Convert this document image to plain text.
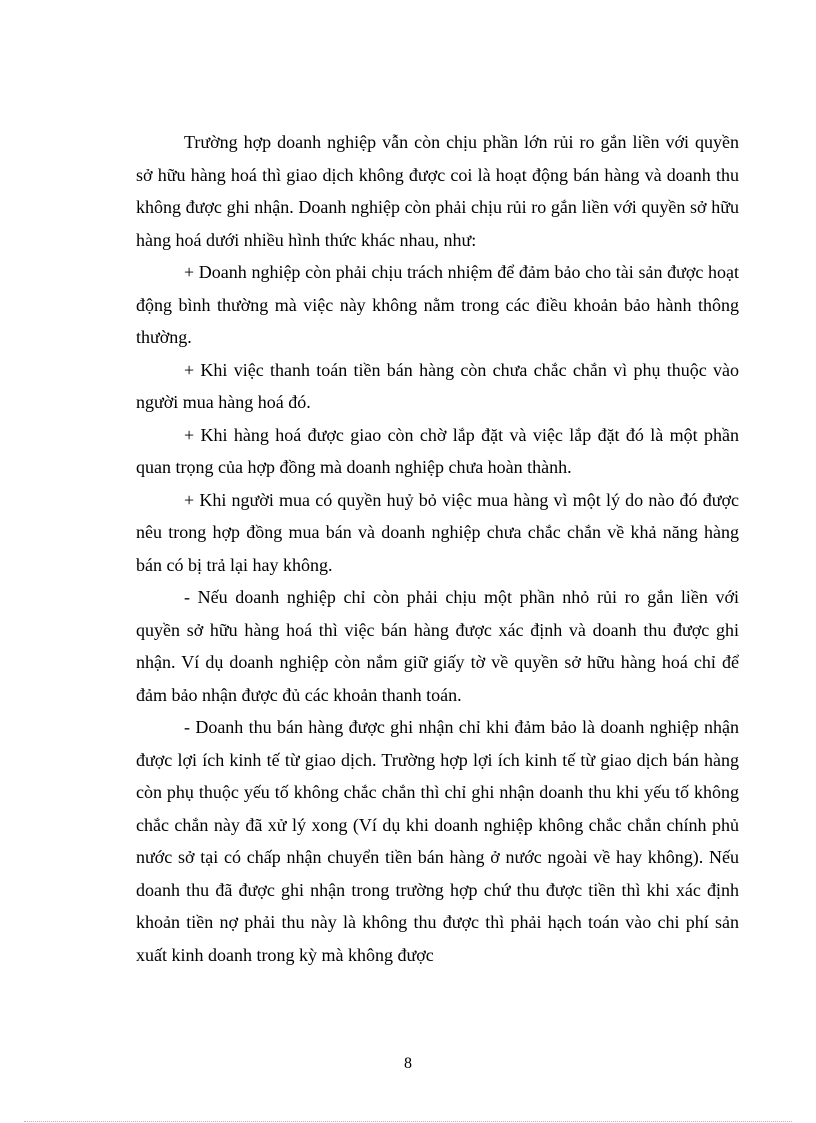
Trường hợp doanh nghiệp vẫn còn chịu phần lớn rủi ro gắn liền với quyền sở hữu hàng hoá thì giao dịch không được coi là hoạt động bán hàng và doanh thu không được ghi nhận. Doanh nghiệp còn phải chịu rủi ro gắn liền với quyền sở hữu hàng hoá dưới nhiều hình thức khác nhau, như:

+ Doanh nghiệp còn phải chịu trách nhiệm để đảm bảo cho tài sản được hoạt động bình thường mà việc này không nằm trong các điều khoản bảo hành thông thường.

+ Khi việc thanh toán tiền bán hàng còn chưa chắc chắn vì phụ thuộc vào người mua hàng hoá đó.

+ Khi hàng hoá được giao còn chờ lắp đặt và việc lắp đặt đó là một phần quan trọng của hợp đồng mà doanh nghiệp chưa hoàn thành.

+ Khi người mua có quyền huỷ bỏ việc mua hàng vì một lý do nào đó được nêu trong hợp đồng mua bán và doanh nghiệp chưa chắc chắn về khả năng hàng bán có bị trả lại hay không.

- Nếu doanh nghiệp chỉ còn phải chịu một phần nhỏ rủi ro gắn liền với quyền sở hữu hàng hoá thì việc bán hàng được xác định và doanh thu được ghi nhận. Ví dụ doanh nghiệp còn nắm giữ giấy tờ về quyền sở hữu hàng hoá chỉ để đảm bảo nhận được đủ các khoản thanh toán.

- Doanh thu bán hàng được ghi nhận chỉ khi đảm bảo là doanh nghiệp nhận được lợi ích kinh tế từ giao dịch. Trường hợp lợi ích kinh tế từ giao dịch bán hàng còn phụ thuộc yếu tố không chắc chắn thì chỉ ghi nhận doanh thu khi yếu tố không chắc chắn này đã xử lý xong (Ví dụ khi doanh nghiệp không chắc chắn chính phủ nước sở tại có chấp nhận chuyển tiền bán hàng ở nước ngoài về hay không). Nếu doanh thu đã được ghi nhận trong trường hợp chứ thu được tiền thì khi xác định khoản tiền nợ phải thu này là không thu được thì phải hạch toán vào chi phí sản xuất kinh doanh trong kỳ mà không được

8
